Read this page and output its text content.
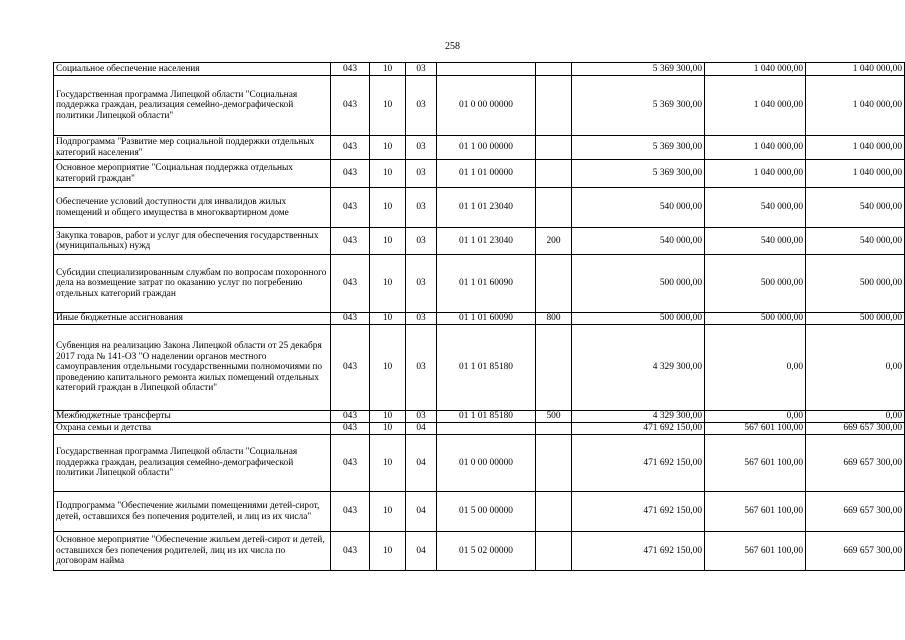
258
Социальное обеспечение населения	043	10	03			5 369 300,00	1 040 000,00	1 040 000,00
Государственная программа Липецкой области "Социальная поддержка граждан, реализация семейно-демографической политики Липецкой области"	043	10	03	01 0 00 00000		5 369 300,00	1 040 000,00	1 040 000,00
Подпрограмма "Развитие мер социальной поддержки отдельных категорий населения"	043	10	03	01 1 00 00000		5 369 300,00	1 040 000,00	1 040 000,00
Основное мероприятие "Социальная поддержка отдельных категорий граждан"	043	10	03	01 1 01 00000		5 369 300,00	1 040 000,00	1 040 000,00
Обеспечение условий доступности для инвалидов жилых помещений и общего имущества в многоквартирном доме	043	10	03	01 1 01 23040		540 000,00	540 000,00	540 000,00
Закупка товаров, работ и услуг для обеспечения государственных (муниципальных) нужд	043	10	03	01 1 01 23040	200	540 000,00	540 000,00	540 000,00
Субсидии специализированным службам по вопросам похоронного дела на возмещение затрат по оказанию услуг по погребению отдельных категорий граждан	043	10	03	01 1 01 60090		500 000,00	500 000,00	500 000,00
Иные бюджетные ассигнования	043	10	03	01 1 01 60090	800	500 000,00	500 000,00	500 000,00
Субвенция на реализацию Закона Липецкой области от 25 декабря 2017 года № 141-ОЗ "О наделении органов местного самоуправления отдельными государственными полномочиями по проведению капитального ремонта жилых помещений отдельных категорий граждан в Липецкой области"	043	10	03	01 1 01 85180		4 329 300,00	0,00	0,00
Межбюджетные трансферты	043	10	03	01 1 01 85180	500	4 329 300,00	0,00	0,00
Охрана семьи и детства	043	10	04			471 692 150,00	567 601 100,00	669 657 300,00
Государственная программа Липецкой области "Социальная поддержка граждан, реализация семейно-демографической политики Липецкой области"	043	10	04	01 0 00 00000		471 692 150,00	567 601 100,00	669 657 300,00
Подпрограмма "Обеспечение жилыми помещениями детей-сирот, детей, оставшихся без попечения родителей, и лиц из их числа"	043	10	04	01 5 00 00000		471 692 150,00	567 601 100,00	669 657 300,00
Основное мероприятие "Обеспечение жильем детей-сирот и детей, оставшихся без попечения родителей, лиц из их числа по договорам найма	043	10	04	01 5 02 00000		471 692 150,00	567 601 100,00	669 657 300,00
